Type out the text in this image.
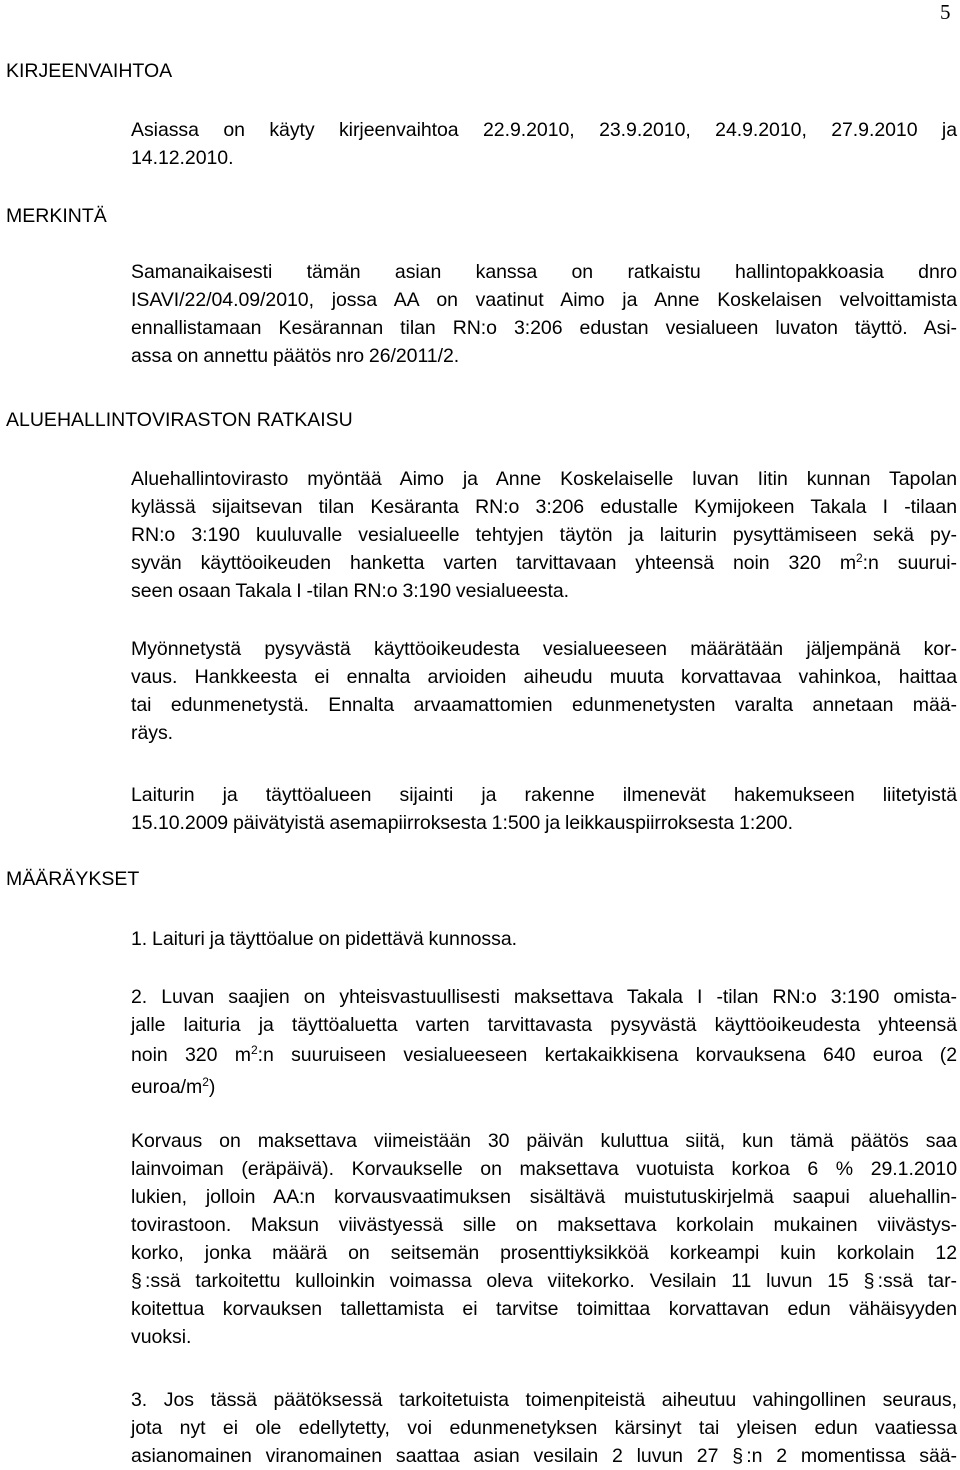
5
KIRJEENVAIHTOA
Asiassa on käyty kirjeenvaihtoa 22.9.2010, 23.9.2010, 24.9.2010, 27.9.2010 ja
14.12.2010.
MERKINTÄ
Samanaikaisesti tämän asian kanssa on ratkaistu hallintopakkoasia dnro
ISAVI/22/04.09/2010, jossa AA on vaatinut Aimo ja Anne Koskelaisen velvoittamista
ennallistamaan Kesärannan tilan RN:o 3:206 edustan vesialueen luvaton täyttö. Asi-
assa on annettu päätös nro 26/2011/2.
ALUEHALLINTOVIRASTON RATKAISU
Aluehallintovirasto myöntää Aimo ja Anne Koskelaiselle luvan Iitin kunnan Tapolan
kylässä sijaitsevan tilan Kesäranta RN:o 3:206 edustalle Kymijokeen Takala I -tilaan
RN:o 3:190 kuuluvalle vesialueelle tehtyjen täytön ja laiturin pysyttämiseen sekä py-
syvän käyttöoikeuden hanketta varten tarvittavaan yhteensä noin 320 $m^2:n$ suurui-
seen osaan Takala I -tilan RN:o 3:190 vesialueesta.
Myönnetystä pysyvästä käyttöoikeudesta vesialueeseen määrätään jäljempänä kor-
vaus. Hankkeesta ei ennalta arvioiden aiheudu muuta korvattavaa vahinkoa, haittaa
tai edunmenetystä. Ennalta arvaamattomien edunmenetysten varalta annetaan mää-
räys.
Laiturin ja täyttöalueen sijainti ja rakenne ilmenevät hakemukseen liitetyistä
15.10.2009 päivätyistä asemapiirroksesta 1:500 ja leikkauspiirroksesta 1:200.
MÄÄRÄYKSET
1. Laituri ja täyttöalue on pidettävä kunnossa.
2. Luvan saajien on yhteisvastuullisesti maksettava Takala I -tilan RN:o 3:190 omista-
jalle laituria ja täyttöaluetta varten tarvittavasta pysyvästä käyttöoikeudesta yhteensä
noin 320 $m^2:n$ suuruiseen vesialueeseen kertakaikkisena korvauksena 640 euroa (2
euroa/$m^2$)
Korvaus on maksettava viimeistään 30 päivän kuluttua siitä, kun tämä päätös saa
lainvoiman (eräpäivä). Korvaukselle on maksettava vuotuista korkoa 6 % 29.1.2010
lukien, jolloin AA:n korvausvaatimuksen sisältävä muistutuskirjelmä saapui aluehallin-
tovirastoon. Maksun viivästyessä sille on maksettava korkolain mukainen viivästys-
korko, jonka määrä on seitsemän prosenttiyksikköä korkeampi kuin korkolain 12
§ :ssä tarkoitettu kulloinkin voimassa oleva viitekorko. Vesilain 11 luvun 15 § :ssä tar-
koitettua korvauksen tallettamista ei tarvitse toimittaa korvattavan edun vähäisyyden
vuoksi.
3. Jos tässä päätöksessä tarkoitetuista toimenpiteistä aiheutuu vahingollinen seuraus,
jota nyt ei ole edellytetty, voi edunmenetyksen kärsinyt tai yleisen edun vaatiessa
asianomainen viranomainen saattaa asian vesilain 2 luvun 27 § :n 2 momentissa sää-
